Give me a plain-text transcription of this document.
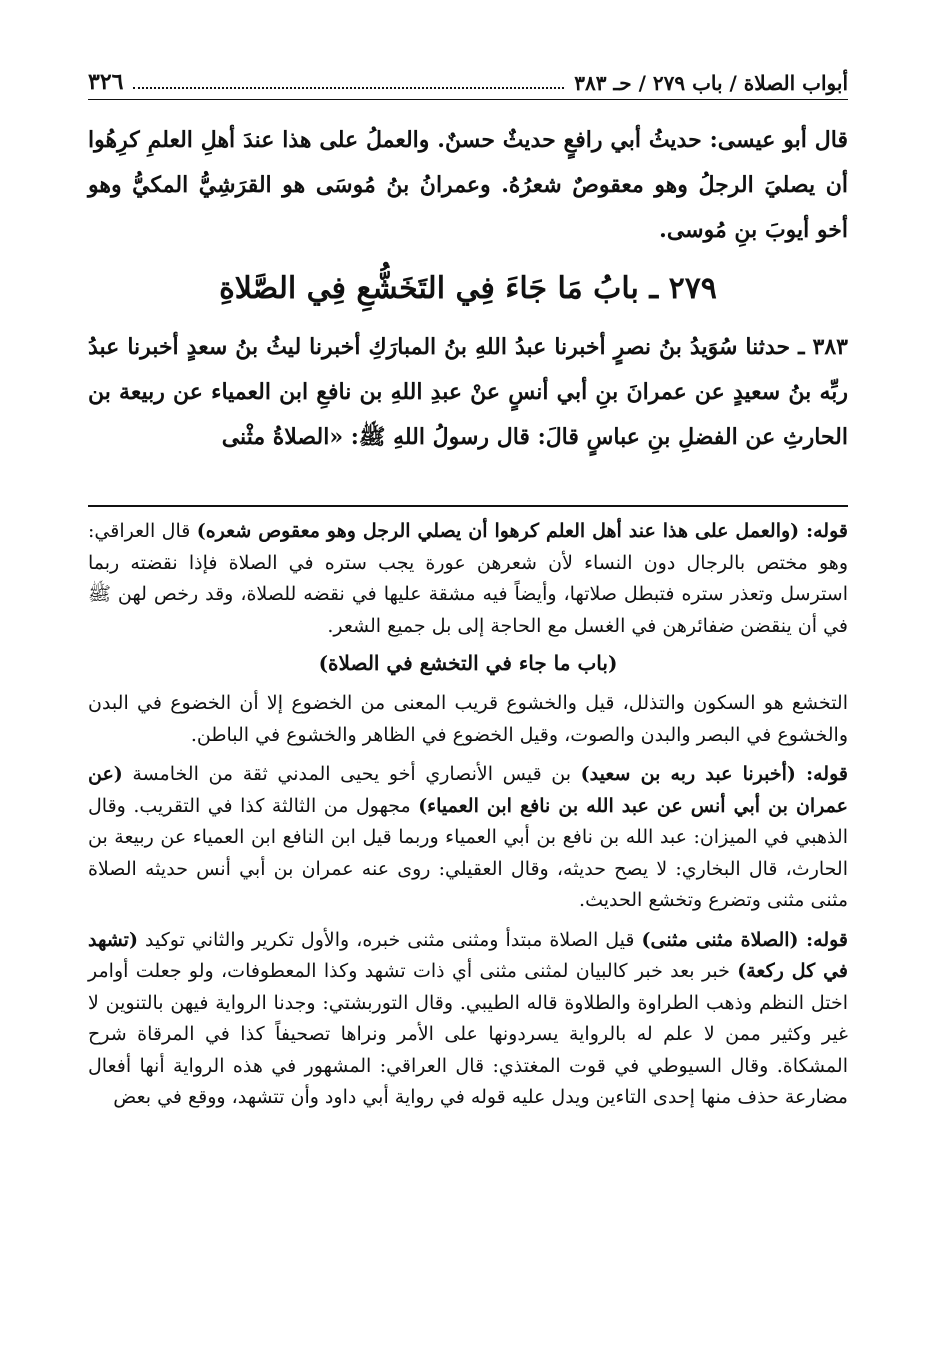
أبواب الصلاة / باب ٢٧٩ / حـ ٣٨٣
٣٢٦

قال أبو عيسى: حديثُ أبي رافعٍ حديثٌ حسنٌ. والعملُ على هذا عندَ أهلِ العلمِ كرِهُوا أن يصليَ الرجلُ وهو معقوصٌ شعرُهُ. وعمرانُ بنُ مُوسَى هو القرَشِيُّ المكيُّ وهو أخو أيوبَ بنِ مُوسى.

٢٧٩ ـ بابُ مَا جَاءَ فِي التَخَشُّعِ فِي الصَّلاةِ

٣٨٣ ـ حدثنا سُوَيدُ بنُ نصرٍ أخبرنا عبدُ اللهِ بنُ المبارَكِ أخبرنا ليثُ بنُ سعدٍ أخبرنا عبدُ ربِّه بنُ سعيدٍ عن عمرانَ بنِ أبي أنسٍ عنْ عبدِ اللهِ بن نافعِ ابن العمياء عن ربيعة بن الحارثِ عن الفضلِ بنِ عباسٍ قالَ: قال رسولُ اللهِ ﷺ: «الصلاةُ مثْنى

قوله: (والعمل على هذا عند أهل العلم كرهوا أن يصلي الرجل وهو معقوص شعره) قال العراقي: وهو مختص بالرجال دون النساء لأن شعرهن عورة يجب ستره في الصلاة فإذا نقضته ربما استرسل وتعذر ستره فتبطل صلاتها، وأيضاً فيه مشقة عليها في نقضه للصلاة، وقد رخص لهن ﷺ في أن ينقضن ضفائرهن في الغسل مع الحاجة إلى بل جميع الشعر.

(باب ما جاء في التخشع في الصلاة)

التخشع هو السكون والتذلل، قيل والخشوع قريب المعنى من الخضوع إلا أن الخضوع في البدن والخشوع في البصر والبدن والصوت، وقيل الخضوع في الظاهر والخشوع في الباطن.

قوله: (أخبرنا عبد ربه بن سعيد) بن قيس الأنصاري أخو يحيى المدني ثقة من الخامسة (عن عمران بن أبي أنس عن عبد الله بن نافع ابن العمياء) مجهول من الثالثة كذا في التقريب. وقال الذهبي في الميزان: عبد الله بن نافع بن أبي العمياء وربما قيل ابن النافع ابن العمياء عن ربيعة بن الحارث، قال البخاري: لا يصح حديثه، وقال العقيلي: روى عنه عمران بن أبي أنس حديثه الصلاة مثنى مثنى وتضرع وتخشع الحديث.

قوله: (الصلاة مثنى مثنى) قيل الصلاة مبتدأ ومثنى مثنى خبره، والأول تكرير والثاني توكيد (تشهد في كل ركعة) خبر بعد خبر كالبيان لمثنى مثنى أي ذات تشهد وكذا المعطوفات، ولو جعلت أوامر اختل النظم وذهب الطراوة والطلاوة قاله الطيبي. وقال التوربشتي: وجدنا الرواية فيهن بالتنوين لا غير وكثير ممن لا علم له بالرواية يسردونها على الأمر ونراها تصحيفاً كذا في المرقاة شرح المشكاة. وقال السيوطي في قوت المغتذي: قال العراقي: المشهور في هذه الرواية أنها أفعال مضارعة حذف منها إحدى التاءين ويدل عليه قوله في رواية أبي داود وأن تتشهد، ووقع في بعض
